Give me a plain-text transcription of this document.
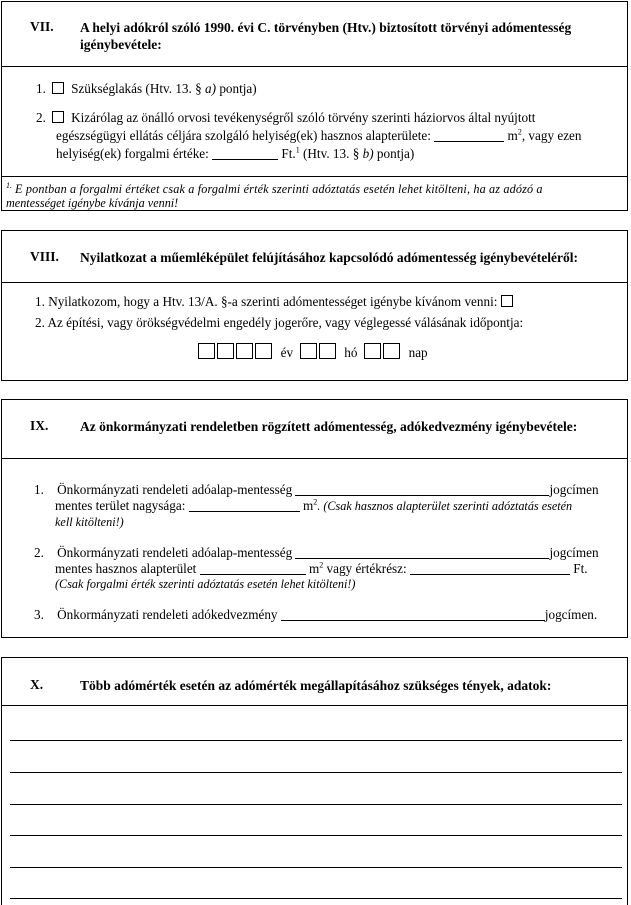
VII. A helyi adókról szóló 1990. évi C. törvényben (Htv.) biztosított törvényi adómentesség igénybevétele:
1. Szükséglakás (Htv. 13. § a) pontja)
2. Kizárólag az önálló orvosi tevékenységről szóló törvény szerinti háziorvos által nyújtott
egészségügyi ellátás céljára szolgáló helyiség(ek) hasznos alapterülete:	$m^2$, vagy ezen
helyiség(ek) forgalmi értéke:	Ft.$^1$ (Htv. 13. § b) pontja)
$^{1.}$ E pontban a forgalmi értéket csak a forgalmi érték szerinti adóztatás esetén lehet kitölteni, ha az adózó a
mentességet igénybe kívánja venni!
VIII. Nyilatkozat a műemléképület felújításához kapcsolódó adómentesség igénybevételéről:
1. Nyilatkozom, hogy a Htv. 13/A. §-a szerinti adómentességet igénybe kívánom venni:
2. Az építési, vagy örökségvédelmi engedély jogerőre, vagy véglegessé válásának időpontja:
év	hó	nap
IX. Az önkormányzati rendeletben rögzített adómentesség, adókedvezmény igénybevétele:
1. Önkormányzati rendeleti adóalap-mentesség	jogcímen
mentes terület nagysága:	$m^2$. (Csak hasznos alapterület szerinti adóztatás esetén
kell kitölteni!)
2. Önkormányzati rendeleti adóalap-mentesség	jogcímen
mentes hasznos alapterület	$m^2$ vagy értékrész:	Ft.
(Csak forgalmi érték szerinti adóztatás esetén lehet kitölteni!)
3. Önkormányzati rendeleti adókedvezmény	jogcímen.
X.	Több adómérték esetén az adómérték megállapításához szükséges tények, adatok:
